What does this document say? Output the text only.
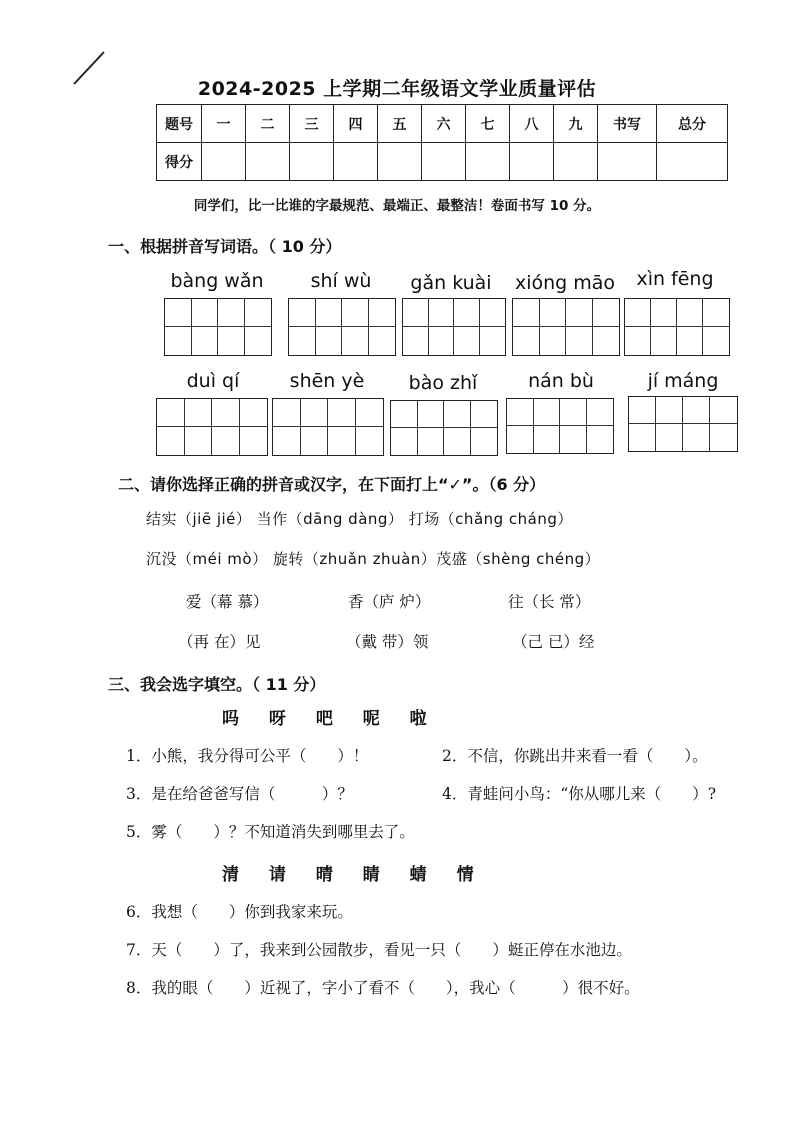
2024-2025 上学期二年级语文学业质量评估
题号	一	二	三	四	五	六	七	八	九	书写	总分
得分											
同学们，比一比谁的字最规范、最端正、最整洁！卷面书写 10 分。
一、根据拼音写词语。（ 10 分）
bàng wǎn	shí wù	gǎn kuài	xióng māo	xìn fēng
duì qí	shēn yè	bào zhǐ	nán bù	jí máng
二、请你选择正确的拼音或汉字，在下面打上“✓”。（6 分）
结实（jiē jié） 当作（dāng dàng） 打场（chǎng cháng）
沉没（méi mò） 旋转（zhuǎn zhuàn）茂盛（shèng chéng）
爱（幕 慕）	香（庐 炉）	往（长 常）
（再 在）见	（戴 带）领	（己 已）经
三、我会选字填空。（ 11 分）
吗 呀 吧 呢 啦
1．小熊，我分得可公平（　　）！	2．不信，你跳出井来看一看（　　）。
3．是在给爸爸写信（　　　）？	4．青蛙问小鸟：“你从哪儿来（　　）?
5．雾（　　）？不知道消失到哪里去了。
清 请 晴 睛 蜻 情
6．我想（　　）你到我家来玩。
7．天（　　）了，我来到公园散步，看见一只（　　）蜓正停在水池边。
8．我的眼（　　）近视了，字小了看不（　　），我心（　　　）很不好。
